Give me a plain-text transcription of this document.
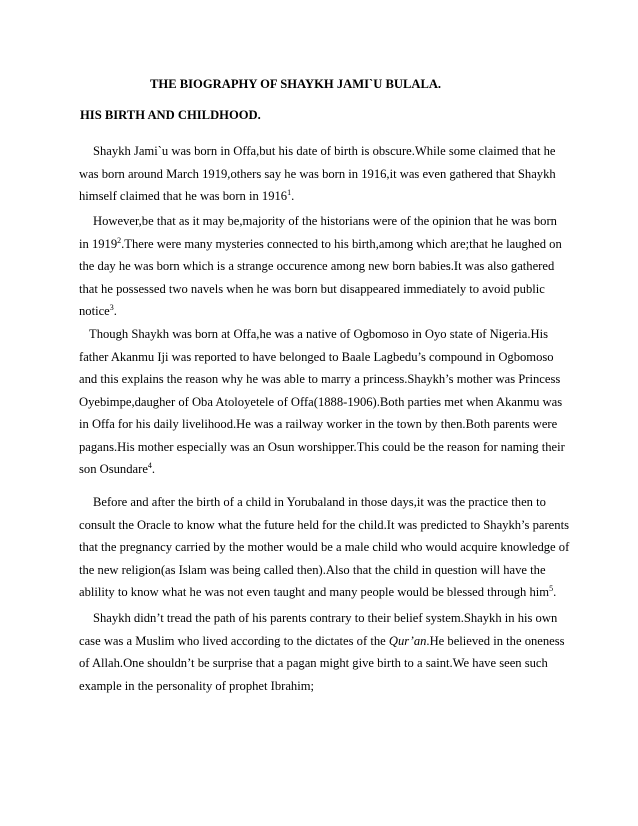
THE BIOGRAPHY OF SHAYKH JAMI`U BULALA.
HIS BIRTH AND CHILDHOOD.
Shaykh Jami`u was born in Offa,but his date of birth is obscure.While some claimed that he
was born around March 1919,others say he was born in 1916,it was even gathered that Shaykh
himself claimed that he was born in 1916$^1$.
However,be that as it may be,majority of the historians were of the opinion that he was born
in 1919$^2$.There were many mysteries connected to his birth,among which are;that he laughed on
the day he was born which is a strange occurence among new born babies.It was also gathered
that he possessed two navels when he was born but disappeared immediately to avoid public
notice$^3$.
Though Shaykh was born at Offa,he was a native of Ogbomoso in Oyo state of Nigeria.His
father Akanmu Iji was reported to have belonged to Baale Lagbedu’s compound in Ogbomoso
and this explains the reason why he was able to marry a princess.Shaykh’s mother was Princess
Oyebimpe,daugher of Oba Atoloyetele of Offa(1888-1906).Both parties met when Akanmu was
in Offa for his daily livelihood.He was a railway worker in the town by then.Both parents were
pagans.His mother especially was an Osun worshipper.This could be the reason for naming their
son Osundare$^4$.
Before and after the birth of a child in Yorubaland in those days,it was the practice then to
consult the Oracle to know what the future held for the child.It was predicted to Shaykh’s parents
that the pregnancy carried by the mother would be a male child who would acquire knowledge of
the new religion(as Islam was being called then).Also that the child in question will have the
ablility to know what he was not even taught and many people would be blessed through him$^5$.
Shaykh didn’t tread the path of his parents contrary to their belief system.Shaykh in his own
case was a Muslim who lived according to the dictates of the Qur’an.He believed in the oneness
of Allah.One shouldn’t be surprise that a pagan might give birth to a saint.We have seen such
example in the personality of prophet Ibrahim;
